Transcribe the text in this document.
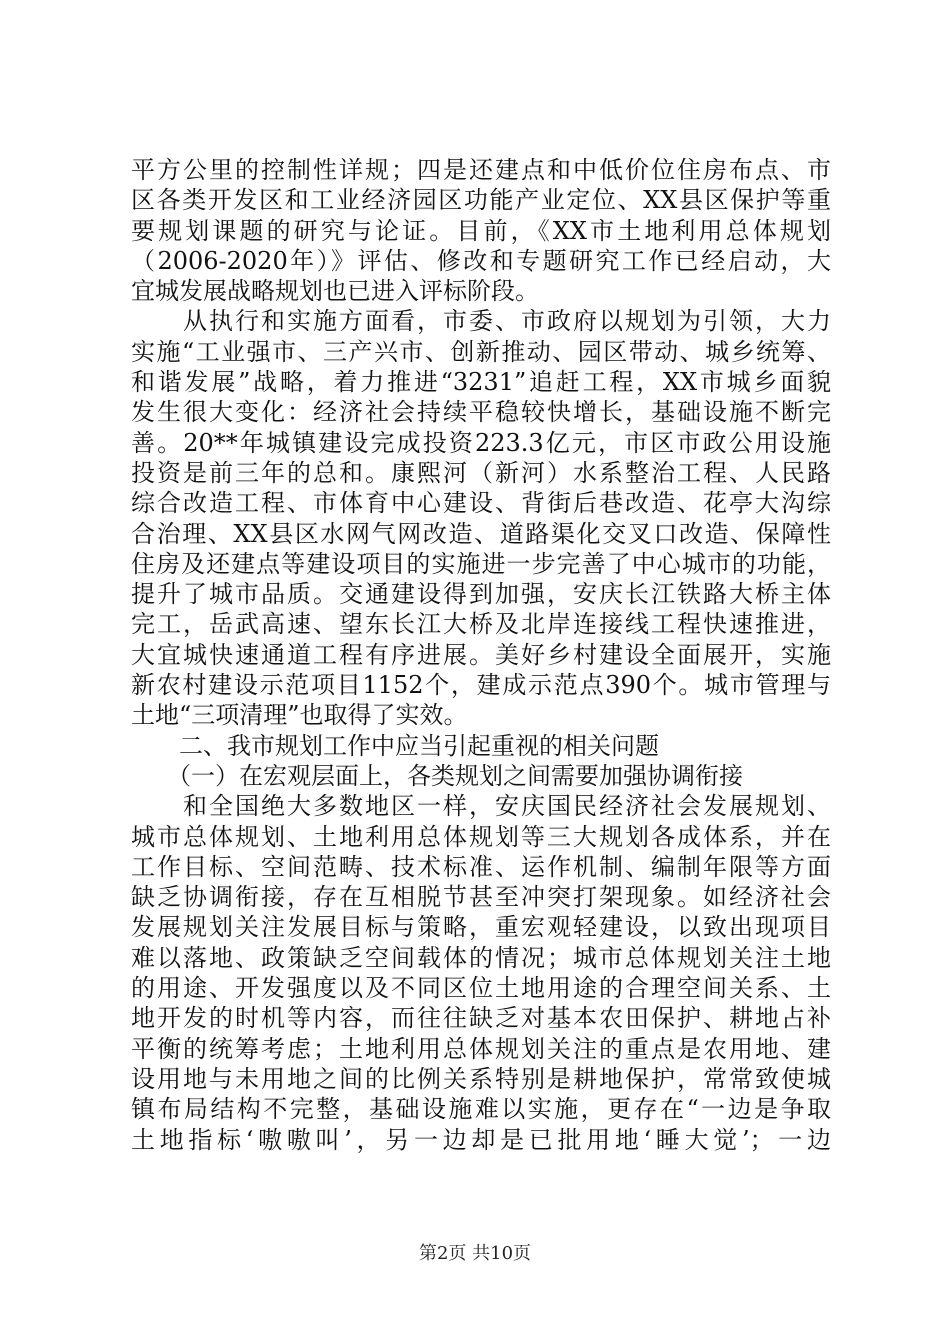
平方公里的控制性详规；四是还建点和中低价位住房布点、市
区各类开发区和工业经济园区功能产业定位、XX县区保护等重
要规划课题的研究与论证。目前，《XX市土地利用总体规划
（2006-2020年）》评估、修改和专题研究工作已经启动，大
宜城发展战略规划也已进入评标阶段。
　　从执行和实施方面看，市委、市政府以规划为引领，大力
实施“工业强市、三产兴市、创新推动、园区带动、城乡统筹、
和谐发展”战略，着力推进“3231”追赶工程，XX市城乡面貌
发生很大变化：经济社会持续平稳较快增长，基础设施不断完
善。20**年城镇建设完成投资223.3亿元，市区市政公用设施
投资是前三年的总和。康熙河（新河）水系整治工程、人民路
综合改造工程、市体育中心建设、背街后巷改造、花亭大沟综
合治理、XX县区水网气网改造、道路渠化交叉口改造、保障性
住房及还建点等建设项目的实施进一步完善了中心城市的功能，
提升了城市品质。交通建设得到加强，安庆长江铁路大桥主体
完工，岳武高速、望东长江大桥及北岸连接线工程快速推进，
大宜城快速通道工程有序进展。美好乡村建设全面展开，实施
新农村建设示范项目1152个，建成示范点390个。城市管理与
土地“三项清理”也取得了实效。
　　二、我市规划工作中应当引起重视的相关问题
　　（一）在宏观层面上，各类规划之间需要加强协调衔接
　　和全国绝大多数地区一样，安庆国民经济社会发展规划、
城市总体规划、土地利用总体规划等三大规划各成体系，并在
工作目标、空间范畴、技术标准、运作机制、编制年限等方面
缺乏协调衔接，存在互相脱节甚至冲突打架现象。如经济社会
发展规划关注发展目标与策略，重宏观轻建设，以致出现项目
难以落地、政策缺乏空间载体的情况；城市总体规划关注土地
的用途、开发强度以及不同区位土地用途的合理空间关系、土
地开发的时机等内容，而往往缺乏对基本农田保护、耕地占补
平衡的统筹考虑；土地利用总体规划关注的重点是农用地、建
设用地与未用地之间的比例关系特别是耕地保护，常常致使城
镇布局结构不完整，基础设施难以实施，更存在“一边是争取
土地指标‘嗷嗷叫’，另一边却是已批用地‘睡大觉’；一边
第2页 共10页
